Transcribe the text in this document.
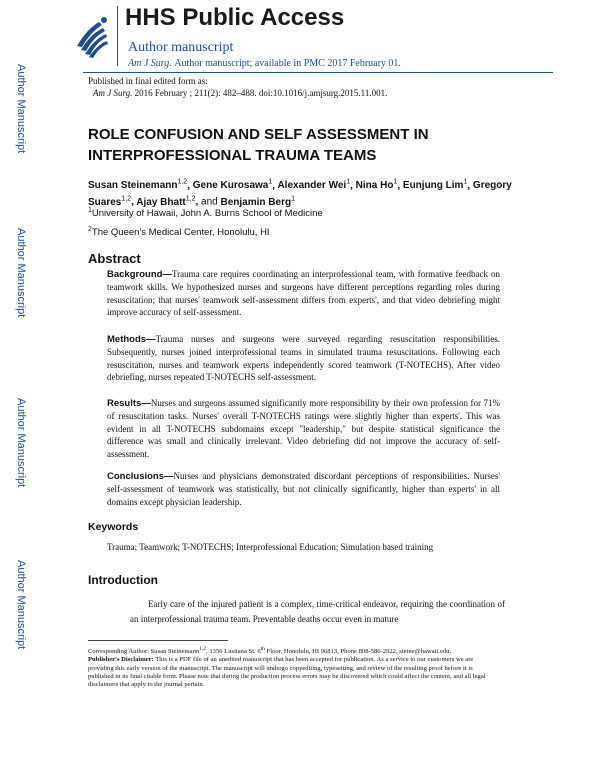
HHS Public Access
Author manuscript
Am J Surg. Author manuscript; available in PMC 2017 February 01.
Author Manuscript
Author Manuscript
Author Manuscript
Author Manuscript
Published in final edited form as:
Am J Surg. 2016 February ; 211(2): 482–488. doi:10.1016/j.amjsurg.2015.11.001.
ROLE CONFUSION AND SELF ASSESSMENT IN
INTERPROFESSIONAL TRAUMA TEAMS
Susan Steinemann$^{1,2}$, Gene Kurosawa$^1$, Alexander Wei$^1$, Nina Ho$^1$, Eunjung Lim$^1$, Gregory Suares$^{1,2}$, Ajay Bhatt$^{1,2}$, and Benjamin Berg$^1$
$^1$University of Hawaii, John A. Burns School of Medicine
$^2$The Queen's Medical Center, Honolulu, HI
Abstract
Background—Trauma care requires coordinating an interprofessional team, with formative feedback on teamwork skills. We hypothesized nurses and surgeons have different perceptions regarding roles during resuscitation; that nurses' teamwork self-assessment differs from experts', and that video debriefing might improve accuracy of self-assessment.
Methods—Trauma nurses and surgeons were surveyed regarding resuscitation responsibilities. Subsequently, nurses joined interprofessional teams in simulated trauma resuscitations. Following each resuscitation, nurses and teamwork experts independently scored teamwork (T-NOTECHS). After video debriefing, nurses repeated T-NOTECHS self-assessment.
Results—Nurses and surgeons assumed significantly more responsibility by their own profession for 71% of resuscitation tasks. Nurses' overall T-NOTECHS ratings were slightly higher than experts'. This was evident in all T-NOTECHS subdomains except "leadership," but despite statistical significance the difference was small and clinically irrelevant. Video debriefing did not improve the accuracy of self-assessment.
Conclusions—Nurses and physicians demonstrated discordant perceptions of responsibilities. Nurses' self-assessment of teamwork was statistically, but not clinically significantly, higher than experts' in all domains except physician leadership.
Keywords
Trauma; Teamwork; T-NOTECHS; Interprofessional Education; Simulation based training
Introduction
Early care of the injured patient is a complex, time-critical endeavor, requiring the coordination of an interprofessional trauma team. Preventable deaths occur even in mature
Corresponding Author: Susan Steinemann$^{1,2}$, 1356 Lusitana St. 6th Floor, Honolulu, HI 96813, Phone 808-586-2922, steine@hawaii.edu.
Publisher's Disclaimer: This is a PDF file of an unedited manuscript that has been accepted for publication. As a service to our customers we are providing this early version of the manuscript. The manuscript will undergo copyediting, typesetting, and review of the resulting proof before it is published in its final citable form. Please note that during the production process errors may be discovered which could affect the content, and all legal disclaimers that apply to the journal pertain.
